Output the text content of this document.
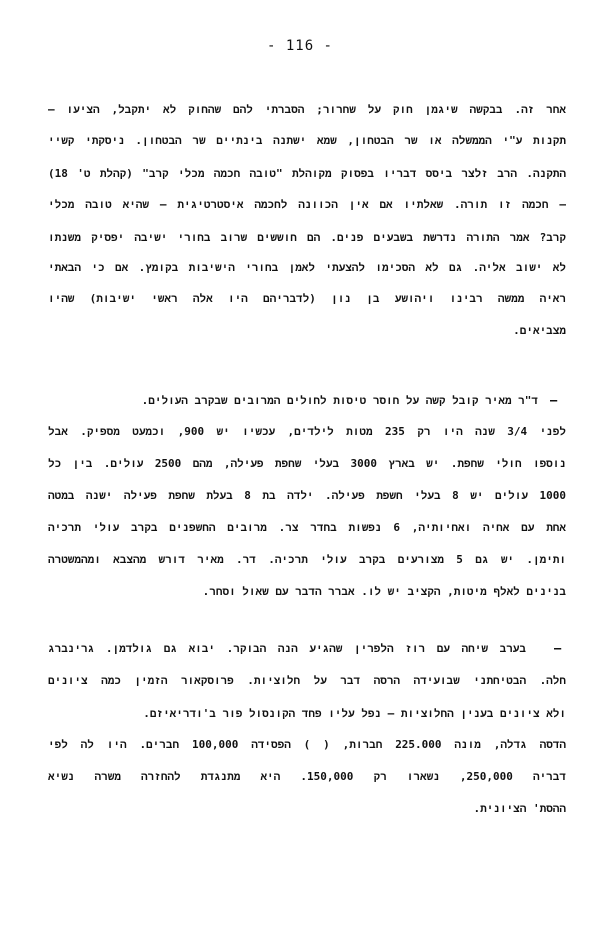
- 116 -
אחר זה. בבקשה שיגמן חוק על שחרור; הסברתי להם שהחוק לא יתקבל, הציעו –
תקנות ע"י הממשלה או שר הבטחון, שמא ישתנה בינתיים שר הבטחון. ניסקתי קשיי
התקנה. הרב זלצר ביסס דבריו בפסוק מקוהלת "טובה חכמה מכלי קרב" (קהלת ט' 18)
– חכמה זו תורה. שאלתיו אם אין הכוונה לחכמה איסטרטיגית – שהיא טובה מכלי
קרב? אמר התורה נדרשת בשבעים פנים. הם חוששים שרוב בחורי ישיבה יפסיק משנתו
לא ישוב אליה. גם לא הסכימו להצעתי לאמן בחורי הישיבות בקומץ. אם כי הבאתי
ראיה ממשה רבינו ויהושע בן נון (לדבריהם היו אלה ראשי ישיבות) שהיו
מצביאים.
–
ד"ר מאיר קובל קשה על חוסר טיסות לחולים המרובים שבקרב העולים.
לפני 3/4 שנה היו רק 235 מטות לילדים, עכשיו יש 900, וכמעט מספיק. אבל
נוספו חולי שחפת. יש בארץ 3000 בעלי שחפת פעילה, מהם 2500 עולים. בין כל
1000 עולים יש 8 בעלי חשפת פעילה. ילדה בת 8 בעלת שחפת פעילה ישנה במטה
אחת עם אחיה ואחיותיה, 6 נפשות בחדר צר. מרובים החשפנים בקרב עולי תרכיה
ותימן. יש גם 5 מצורעים בקרב עולי תרכיה. דר. מאיר דורש מהצבא ומהמשטרה
בנינים לאלף מיטות, הקציב יש לו. אברר הדבר עם שאול וסחר.
–
בערב שיחה עם רוז הלפרין שהגיע הנה הבוקר. יבוא גם גולדמן. גרינברג
חלה. הבטיחתני שבועידה הרסה דבר על חלוציות. פרוסקאור הזמין כמה ציונים
ולא ציונים בענין החלוציות – נפל עליו פחד הקונסול פור ב'ודריאיזם.
הדסה גדלה, מונה 225.000 חברות, ( ) הפסידה 100,000 חברים. היו לה לפי
דבריה 250,000, נשארו רק 150,000. היא מתנגדת להחזרה משרה נשיא
ההסת' הציונית.
